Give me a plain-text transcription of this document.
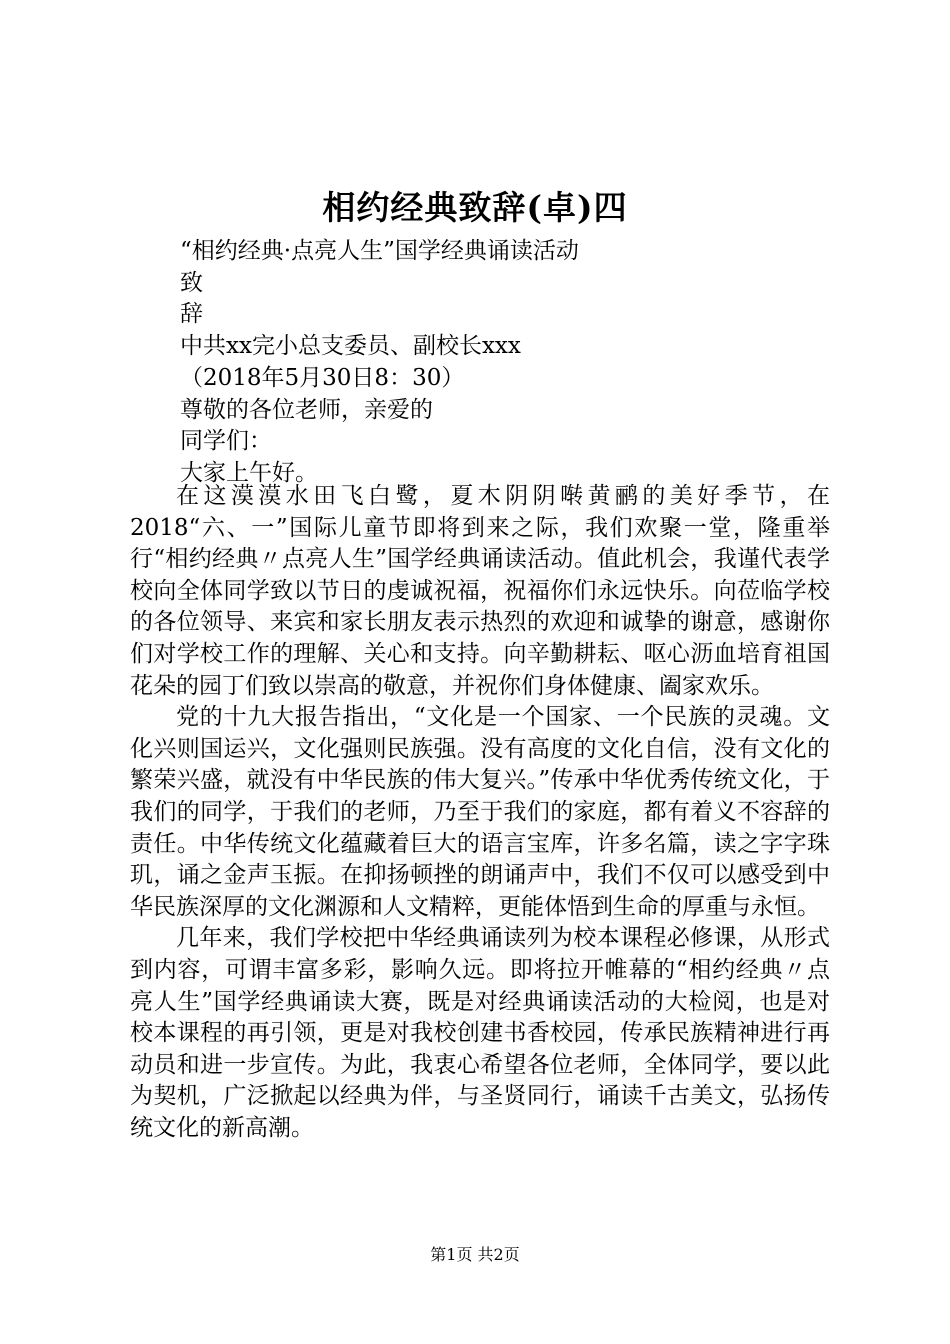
相约经典致辞(卓)四
“相约经典·点亮人生”国学经典诵读活动
致
辞
中共xx完小总支委员、副校长xxx
（2018年5月30日8：30）
尊敬的各位老师，亲爱的
同学们：
大家上午好。

在这漠漠水田飞白鹭，夏木阴阴啭黄鹂的美好季节，在2018“六、一”国际儿童节即将到来之际，我们欢聚一堂，隆重举行“相约经典〃点亮人生”国学经典诵读活动。值此机会，我谨代表学校向全体同学致以节日的虔诚祝福，祝福你们永远快乐。向莅临学校的各位领导、来宾和家长朋友表示热烈的欢迎和诚挚的谢意，感谢你们对学校工作的理解、关心和支持。向辛勤耕耘、呕心沥血培育祖国花朵的园丁们致以崇高的敬意，并祝你们身体健康、阖家欢乐。

党的十九大报告指出，“文化是一个国家、一个民族的灵魂。文化兴则国运兴，文化强则民族强。没有高度的文化自信，没有文化的繁荣兴盛，就没有中华民族的伟大复兴。”传承中华优秀传统文化，于我们的同学，于我们的老师，乃至于我们的家庭，都有着义不容辞的责任。中华传统文化蕴藏着巨大的语言宝库，许多名篇，读之字字珠玑，诵之金声玉振。在抑扬顿挫的朗诵声中，我们不仅可以感受到中华民族深厚的文化渊源和人文精粹，更能体悟到生命的厚重与永恒。

几年来，我们学校把中华经典诵读列为校本课程必修课，从形式到内容，可谓丰富多彩，影响久远。即将拉开帷幕的“相约经典〃点亮人生”国学经典诵读大赛，既是对经典诵读活动的大检阅，也是对校本课程的再引领，更是对我校创建书香校园，传承民族精神进行再动员和进一步宣传。为此，我衷心希望各位老师，全体同学，要以此为契机，广泛掀起以经典为伴，与圣贤同行，诵读千古美文，弘扬传统文化的新高潮。

第1页 共2页
